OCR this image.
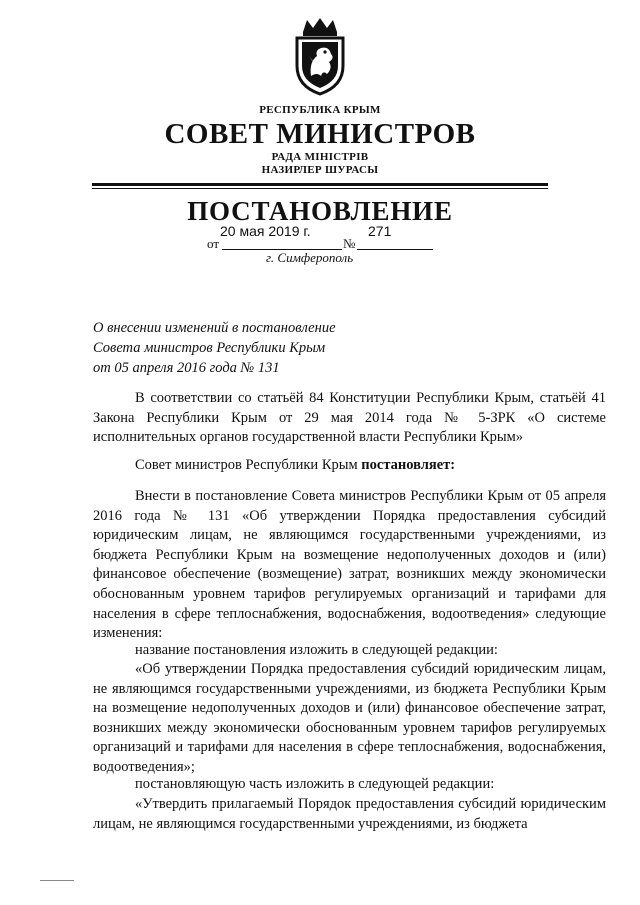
РЕСПУБЛИКА КРЫМ
СОВЕТ МИНИСТРОВ
РАДА МІНІСТРІВ
НАЗИРЛЕР ШУРАСЫ
ПОСТАНОВЛЕНИЕ
20 мая 2019 г.	271
от	№
г. Симферополь
О внесении изменений в постановление
Совета министров Республики Крым
от 05 апреля 2016 года № 131
В соответствии со статьёй 84 Конституции Республики Крым, статьёй 41 Закона Республики Крым от 29 мая 2014 года № 5-ЗРК «О системе исполнительных органов государственной власти Республики Крым»
Совет министров Республики Крым постановляет:
Внести в постановление Совета министров Республики Крым от 05 апреля 2016 года № 131 «Об утверждении Порядка предоставления субсидий юридическим лицам, не являющимся государственными учреждениями, из бюджета Республики Крым на возмещение недополученных доходов и (или) финансовое обеспечение (возмещение) затрат, возникших между экономически обоснованным уровнем тарифов регулируемых организаций и тарифами для населения в сфере теплоснабжения, водоснабжения, водоотведения» следующие изменения:
название постановления изложить в следующей редакции:
«Об утверждении Порядка предоставления субсидий юридическим лицам, не являющимся государственными учреждениями, из бюджета Республики Крым на возмещение недополученных доходов и (или) финансовое обеспечение затрат, возникших между экономически обоснованным уровнем тарифов регулируемых организаций и тарифами для населения в сфере теплоснабжения, водоснабжения, водоотведения»;
постановляющую часть изложить в следующей редакции:
«Утвердить прилагаемый Порядок предоставления субсидий юридическим лицам, не являющимся государственными учреждениями, из бюджета
